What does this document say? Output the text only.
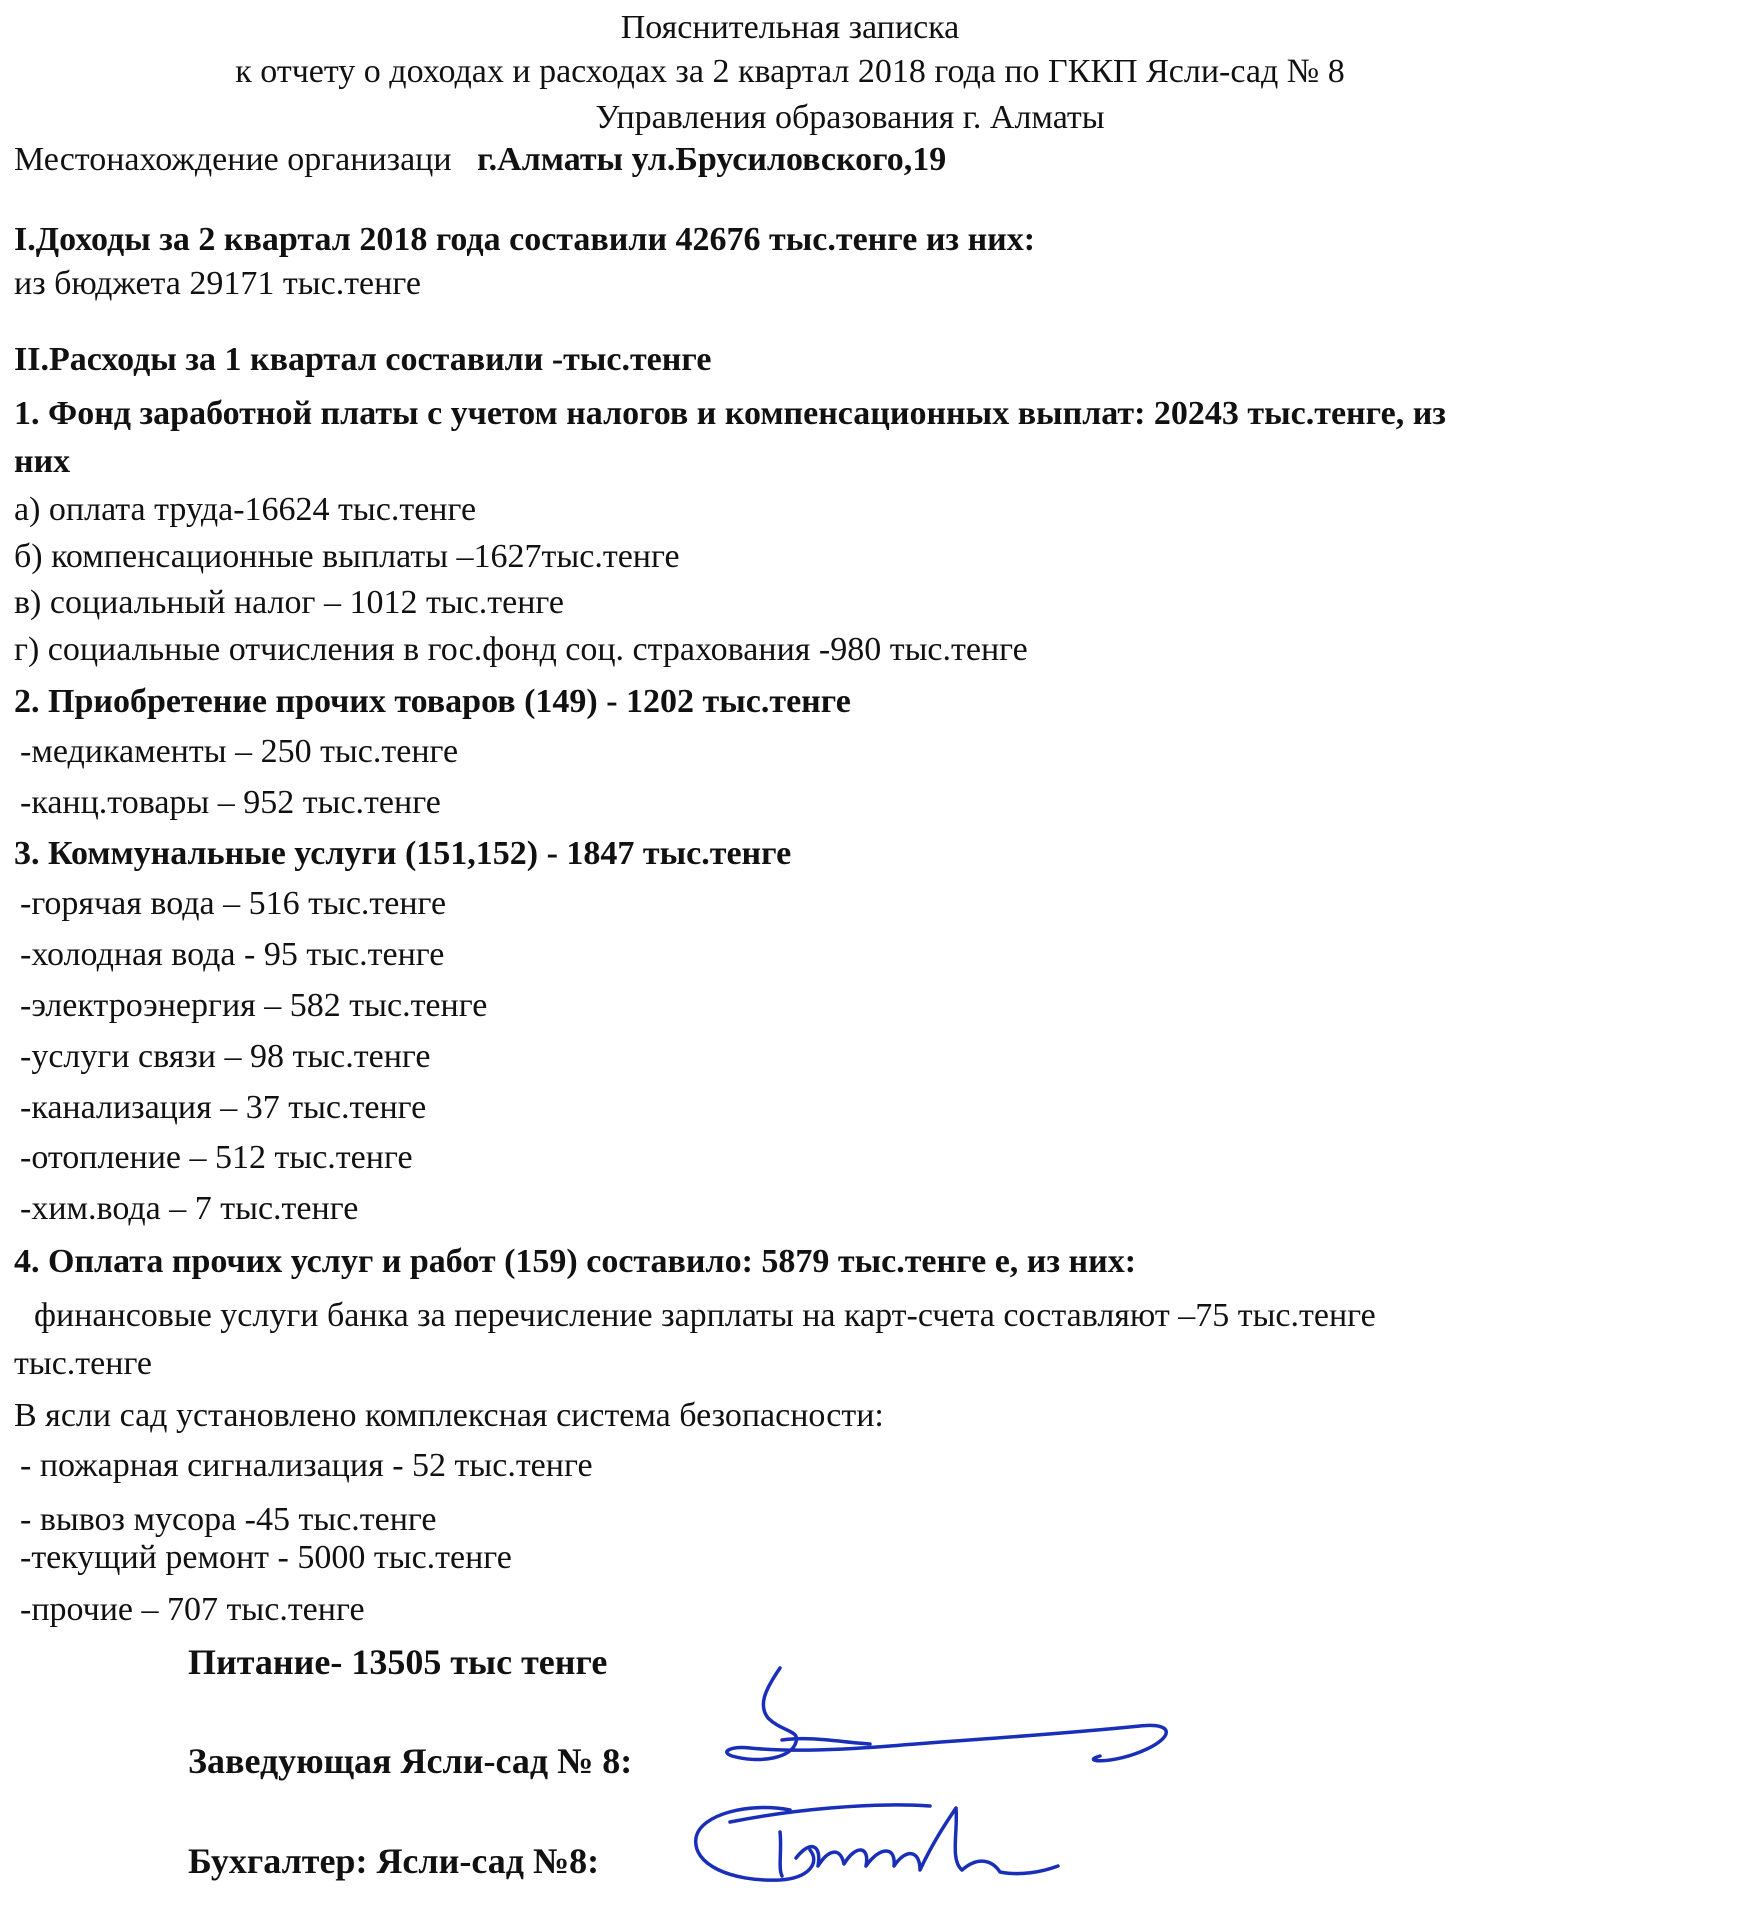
Пояснительная записка
к отчету о доходах и расходах за 2 квартал 2018 года по ГККП Ясли-сад № 8
Управления образования г. Алматы
Местонахождение организаци г.Алматы ул.Брусиловского,19
I.Доходы за 2 квартал 2018 года составили 42676 тыс.тенге из них:
из бюджета 29171 тыс.тенге
II.Расходы за 1 квартал составили -тыс.тенге
1. Фонд заработной платы с учетом налогов и компенсационных выплат: 20243 тыс.тенге, из
них
а) оплата труда-16624 тыс.тенге
б) компенсационные выплаты –1627тыс.тенге
в) социальный налог – 1012 тыс.тенге
г) социальные отчисления в гос.фонд соц. страхования -980 тыс.тенге
2. Приобретение прочих товаров (149) - 1202 тыс.тенге
-медикаменты – 250 тыс.тенге
-канц.товары – 952 тыс.тенге
3. Коммунальные услуги (151,152) - 1847 тыс.тенге
-горячая вода – 516 тыс.тенге
-холодная вода - 95 тыс.тенге
-электроэнергия – 582 тыс.тенге
-услуги связи – 98 тыс.тенге
-канализация – 37 тыс.тенге
-отопление – 512 тыс.тенге
-хим.вода – 7 тыс.тенге
4. Оплата прочих услуг и работ (159) составило: 5879 тыс.тенге е, из них:
финансовые услуги банка за перечисление зарплаты на карт-счета составляют –75 тыс.тенге
тыс.тенге
В ясли сад установлено комплексная система безопасности:
- пожарная сигнализация - 52 тыс.тенге
- вывоз мусора -45 тыс.тенге
-текущий ремонт - 5000 тыс.тенге
-прочие – 707 тыс.тенге
Питание- 13505 тыс тенге
Заведующая Ясли-сад № 8:
Бухгалтер: Ясли-сад №8:
